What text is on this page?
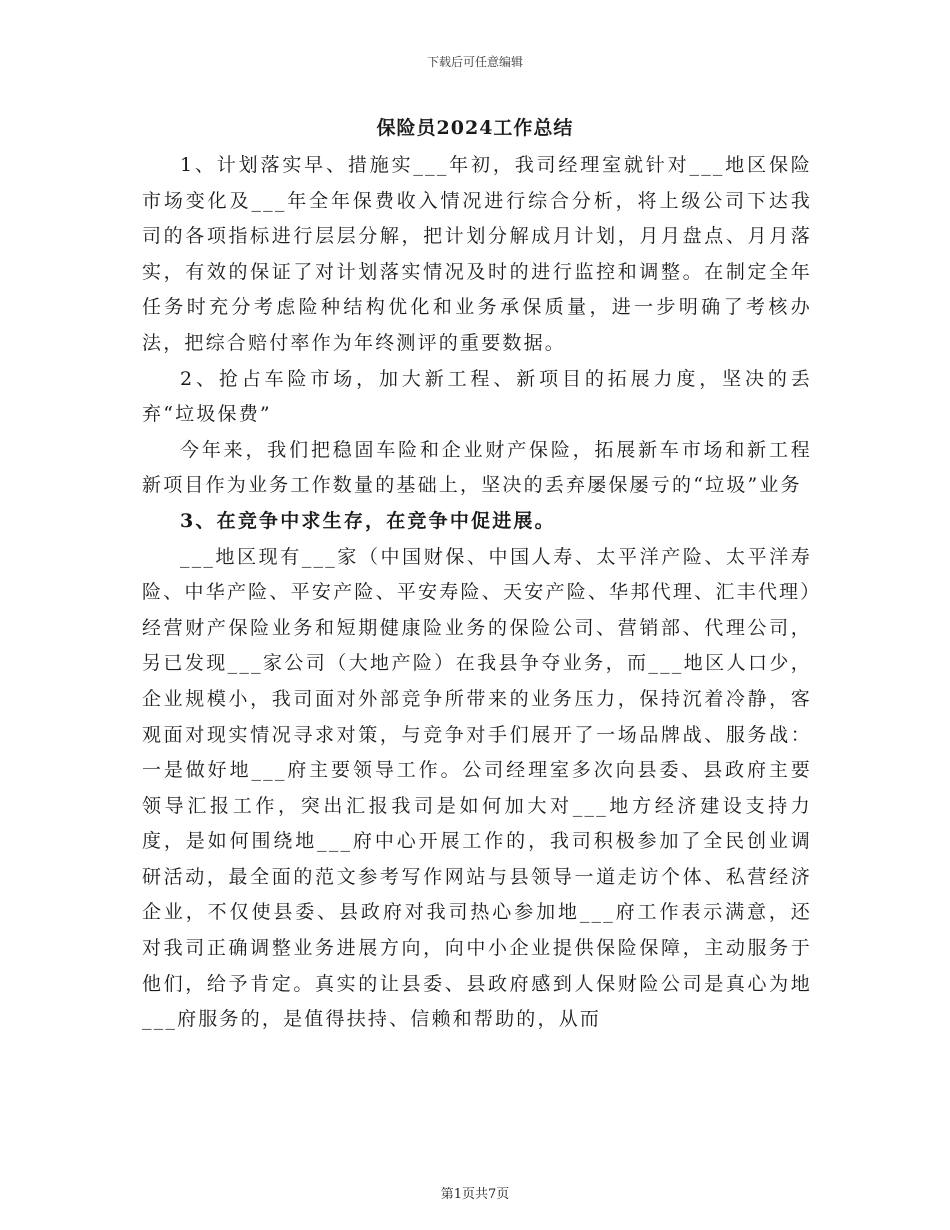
下载后可任意编辑
保险员2024工作总结

1、计划落实早、措施实___年初，我司经理室就针对___地区保险市场变化及___年全年保费收入情况进行综合分析，将上级公司下达我司的各项指标进行层层分解，把计划分解成月计划，月月盘点、月月落实，有效的保证了对计划落实情况及时的进行监控和调整。在制定全年任务时充分考虑险种结构优化和业务承保质量，进一步明确了考核办法，把综合赔付率作为年终测评的重要数据。

2、抢占车险市场，加大新工程、新项目的拓展力度，坚决的丢弃“垃圾保费”

今年来，我们把稳固车险和企业财产保险，拓展新车市场和新工程新项目作为业务工作数量的基础上，坚决的丢弃屡保屡亏的“垃圾”业务

3、在竞争中求生存，在竞争中促进展。

___地区现有___家（中国财保、中国人寿、太平洋产险、太平洋寿险、中华产险、平安产险、平安寿险、天安产险、华邦代理、汇丰代理）经营财产保险业务和短期健康险业务的保险公司、营销部、代理公司，另已发现___家公司（大地产险）在我县争夺业务，而___地区人口少，企业规模小，我司面对外部竞争所带来的业务压力，保持沉着冷静，客观面对现实情况寻求对策，与竞争对手们展开了一场品牌战、服务战：一是做好地___府主要领导工作。公司经理室多次向县委、县政府主要领导汇报工作，突出汇报我司是如何加大对___地方经济建设支持力度，是如何围绕地___府中心开展工作的，我司积极参加了全民创业调研活动，最全面的范文参考写作网站与县领导一道走访个体、私营经济企业，不仅使县委、县政府对我司热心参加地___府工作表示满意，还对我司正确调整业务进展方向，向中小企业提供保险保障，主动服务于他们，给予肯定。真实的让县委、县政府感到人保财险公司是真心为地___府服务的，是值得扶持、信赖和帮助的，从而

第1页共7页
